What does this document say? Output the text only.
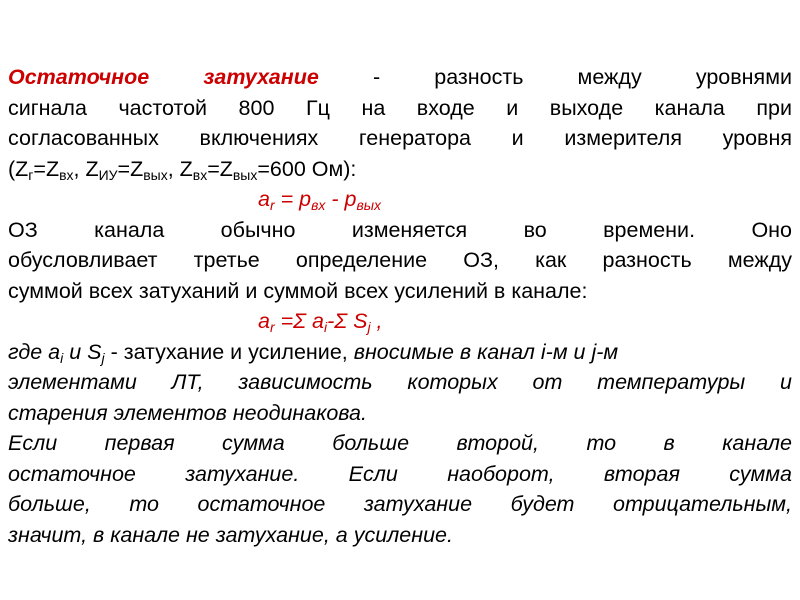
Остаточное затухание - разность между уровнями
сигнала частотой 800 Гц на входе и выходе канала при
согласованных включениях генератора и измерителя уровня
($Z_г=Z_{вх}$, $Z_{ИУ}=Z_{вых}$, $Z_{вх}=Z_{вых}=600$ Ом):
$a_r = p_{вх} - p_{вых}$
ОЗ канала обычно изменяется во времени. Оно
обусловливает третье определение ОЗ, как разность между
суммой всех затуханий и суммой всех усилений в канале:
$a_r =\Sigma$ $a_i-\Sigma$ $S_j$ ,
где $a_i$ и $S_j$ - затухание и усиление, вносимые в канал i-м и j-м
элементами ЛТ, зависимость которых от температуры и
старения элементов неодинакова.
Если первая сумма больше второй, то в канале
остаточное затухание. Если наоборот, вторая сумма
больше, то остаточное затухание будет отрицательным,
значит, в канале не затухание, а усиление.
